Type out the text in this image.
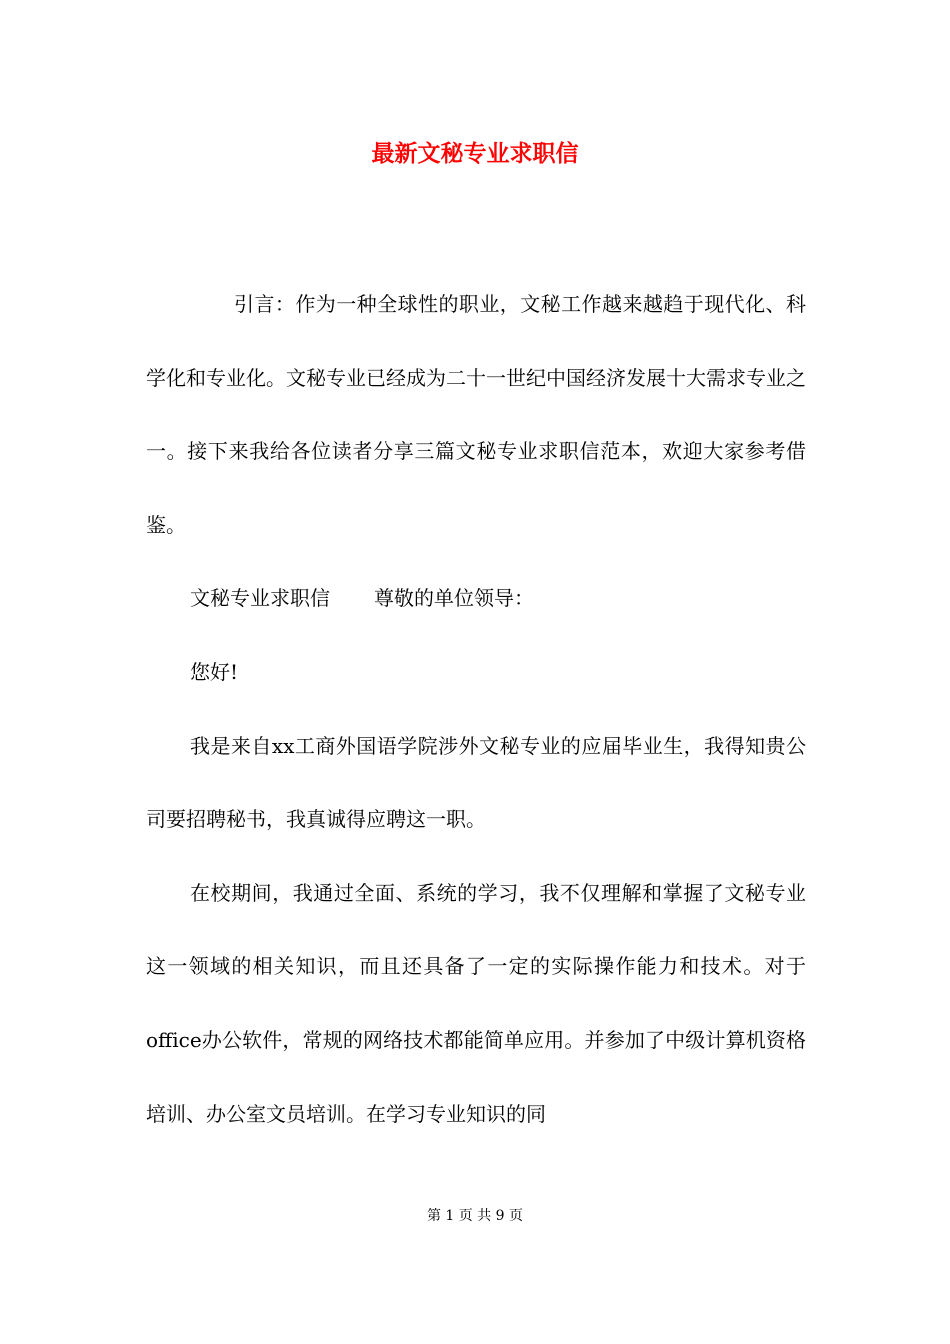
最新文秘专业求职信

引言：作为一种全球性的职业，文秘工作越来越趋于现代化、科学化和专业化。文秘专业已经成为二十一世纪中国经济发展十大需求专业之一。接下来我给各位读者分享三篇文秘专业求职信范本，欢迎大家参考借鉴。

文秘专业求职信 尊敬的单位领导：

您好!

我是来自xx工商外国语学院涉外文秘专业的应届毕业生，我得知贵公司要招聘秘书，我真诚得应聘这一职。

在校期间，我通过全面、系统的学习，我不仅理解和掌握了文秘专业这一领域的相关知识，而且还具备了一定的实际操作能力和技术。对于office办公软件，常规的网络技术都能简单应用。并参加了中级计算机资格培训、办公室文员培训。在学习专业知识的同

第 1 页 共 9 页
